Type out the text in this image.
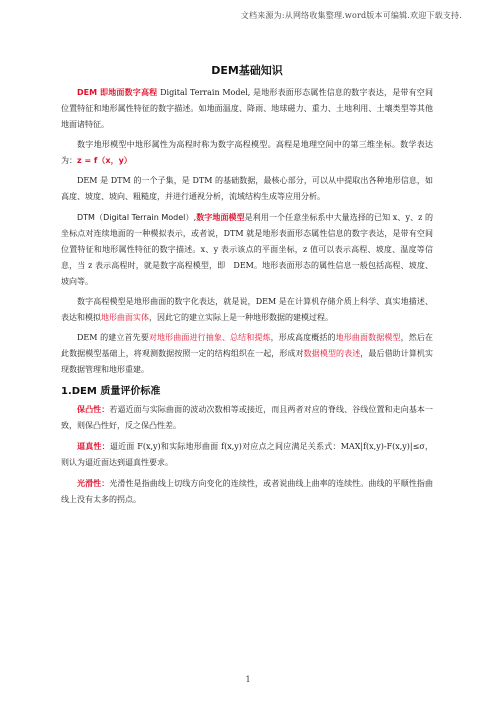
文档来源为:从网络收集整理.word版本可编辑.欢迎下载支持.
DEM基础知识

DEM 即地面数字高程 Digital Terrain Model, 是地形表面形态属性信息的数字表达，是带有空间位置特征和地形属性特征的数字描述。如地面温度、降雨、地球磁力、重力、土地利用、土壤类型等其他地面诸特征。

数字地形模型中地形属性为高程时称为数字高程模型。高程是地理空间中的第三维坐标。数学表达为：z = f（x，y）

DEM 是 DTM 的一个子集，是 DTM 的基础数据，最核心部分，可以从中提取出各种地形信息，如高度、坡度、坡向、粗糙度，并进行通视分析，流域结构生成等应用分析。

DTM（Digital Terrain Model）,数字地面模型是利用一个任意坐标系中大量选择的已知 x、y、z 的坐标点对连续地面的一种模拟表示，或者说，DTM 就是地形表面形态属性信息的数字表达，是带有空间位置特征和地形属性特征的数字描述。x、y 表示该点的平面坐标，z 值可以表示高程、坡度、温度等信息，当 z 表示高程时，就是数字高程模型，即　DEM。地形表面形态的属性信息一般包括高程、坡度、坡向等。

数字高程模型是地形曲面的数字化表达，就是说，DEM 是在计算机存储介质上科学、真实地描述、表达和模拟地形曲面实体，因此它的建立实际上是一种地形数据的建模过程。

DEM 的建立首先要对地形曲面进行抽象、总结和提炼，形成高度概括的地形曲面数据模型，然后在此数据模型基础上，将观测数据按照一定的结构组织在一起，形成对数据模型的表述，最后借助计算机实现数据管理和地形重建。

1.DEM 质量评价标准

保凸性：若逼近面与实际曲面的波动次数相等或接近，而且两者对应的脊线、谷线位置和走向基本一致，则保凸性好，反之保凸性差。

逼真性：逼近面 F(x,y)和实际地形曲面 f(x,y)对应点之间应满足关系式：MAX|f(x,y)-F(x,y)|≤σ，则认为逼近面达到逼真性要求。

光滑性：光滑性是指曲线上切线方向变化的连续性，或者说曲线上曲率的连续性。曲线的平顺性指曲线上没有太多的拐点。

1
